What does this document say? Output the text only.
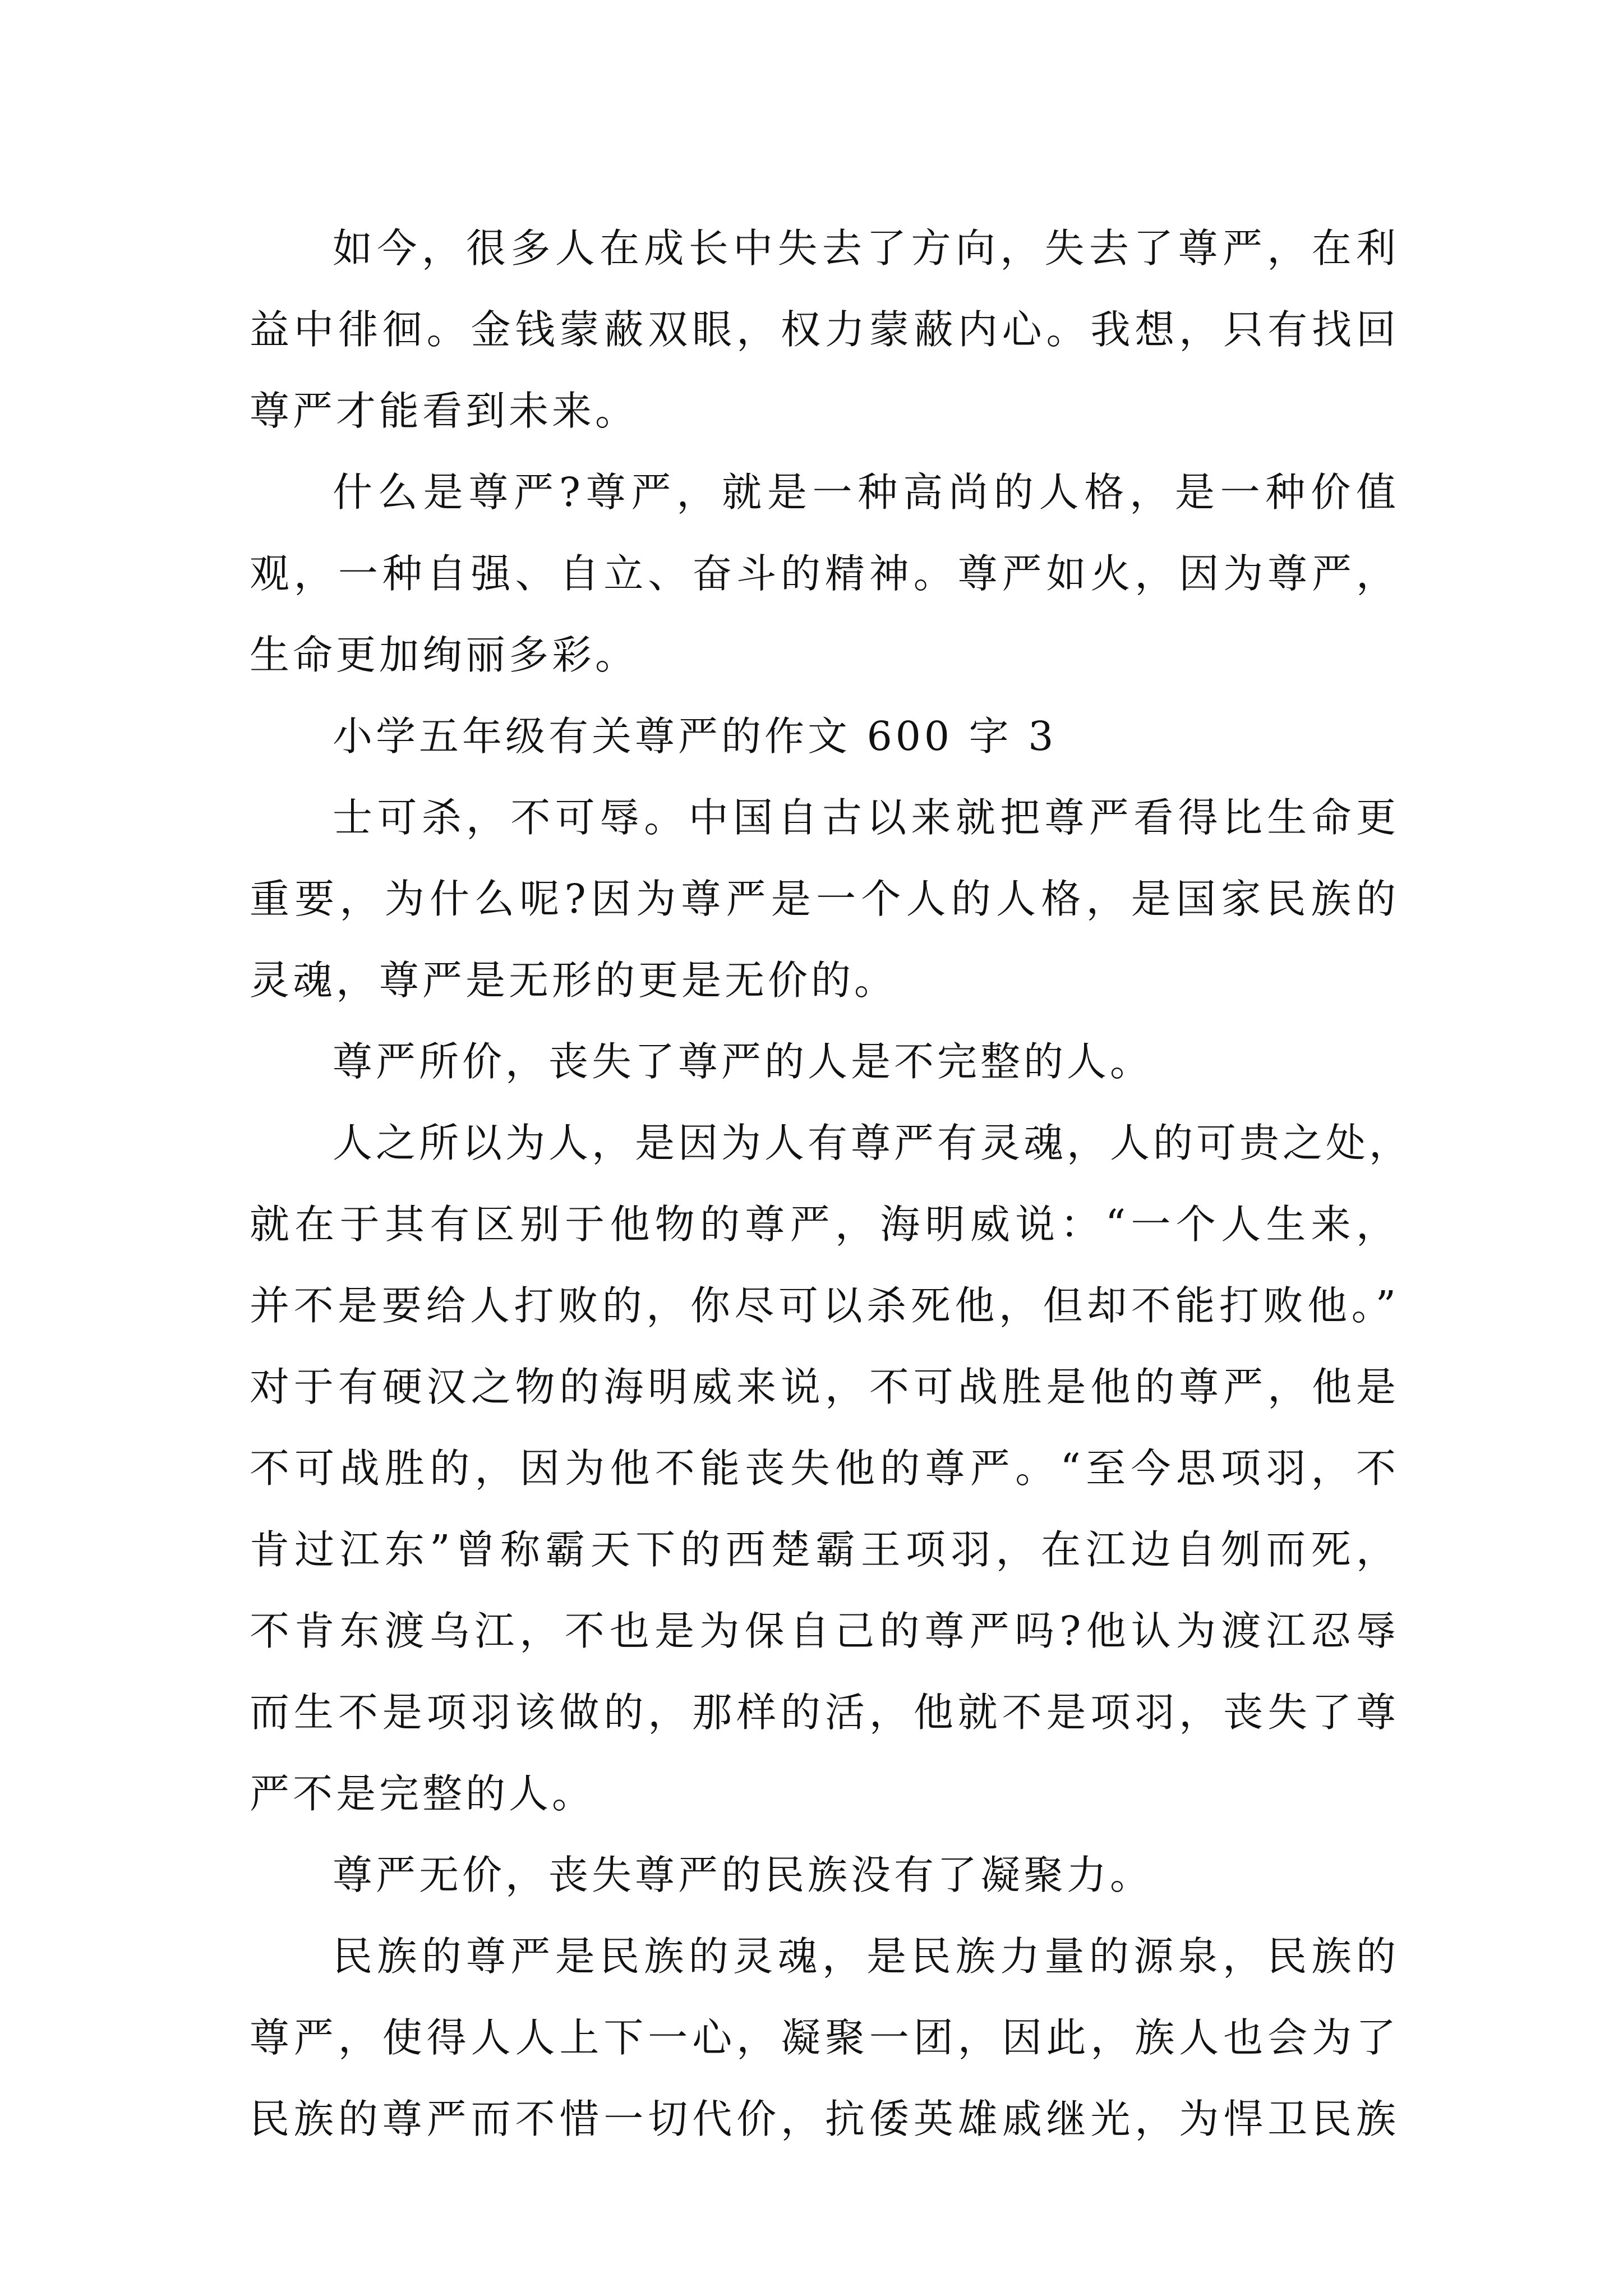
如今，很多人在成长中失去了方向，失去了尊严，在利
益中徘徊。金钱蒙蔽双眼，权力蒙蔽内心。我想，只有找回
尊严才能看到未来。
什么是尊严?尊严，就是一种高尚的人格，是一种价值
观，一种自强、自立、奋斗的精神。尊严如火，因为尊严，
生命更加绚丽多彩。
小学五年级有关尊严的作文 600 字 3
士可杀，不可辱。中国自古以来就把尊严看得比生命更
重要，为什么呢?因为尊严是一个人的人格，是国家民族的
灵魂，尊严是无形的更是无价的。
尊严所价，丧失了尊严的人是不完整的人。
人之所以为人，是因为人有尊严有灵魂，人的可贵之处，
就在于其有区别于他物的尊严，海明威说：“一个人生来，
并不是要给人打败的，你尽可以杀死他，但却不能打败他。”
对于有硬汉之物的海明威来说，不可战胜是他的尊严，他是
不可战胜的，因为他不能丧失他的尊严。“至今思项羽，不
肯过江东”曾称霸天下的西楚霸王项羽，在江边自刎而死，
不肯东渡乌江，不也是为保自己的尊严吗?他认为渡江忍辱
而生不是项羽该做的，那样的活，他就不是项羽，丧失了尊
严不是完整的人。
尊严无价，丧失尊严的民族没有了凝聚力。
民族的尊严是民族的灵魂，是民族力量的源泉，民族的
尊严，使得人人上下一心，凝聚一团，因此，族人也会为了
民族的尊严而不惜一切代价，抗倭英雄戚继光，为悍卫民族
